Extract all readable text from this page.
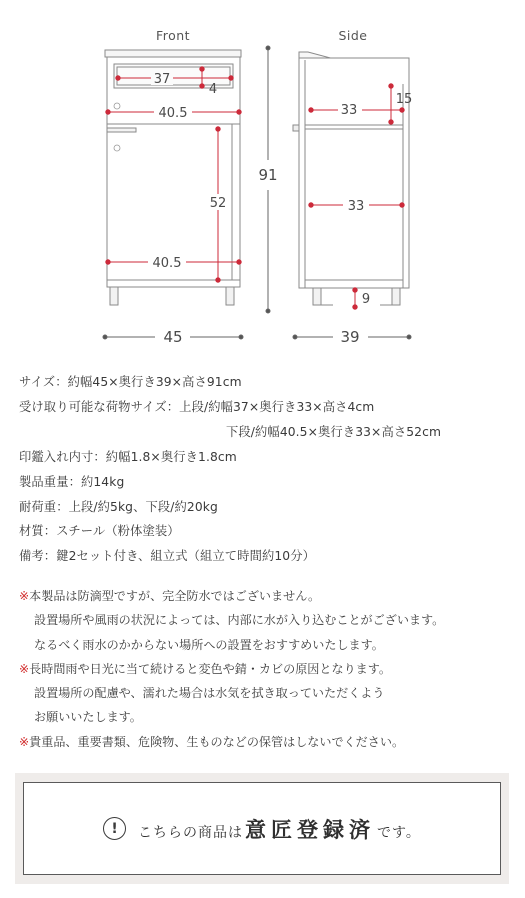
Front
37
4
40.5
52
40.5
45
91
Side
33
15
33
9
39
サイズ：約幅45×奥行き39×高さ91cm
受け取り可能な荷物サイズ：上段/約幅37×奥行き33×高さ4cm
下段/約幅40.5×奥行き33×高さ52cm
印鑑入れ内寸：約幅1.8×奥行き1.8cm
製品重量：約14kg
耐荷重：上段/約5kg、下段/約20kg
材質：スチール（粉体塗装）
備考：鍵2セット付き、組立式（組立て時間約10分）
※本製品は防滴型ですが、完全防水ではございません。
設置場所や風雨の状況によっては、内部に水が入り込むことがございます。
なるべく雨水のかからない場所への設置をおすすめいたします。
※長時間雨や日光に当て続けると変色や錆・カビの原因となります。
設置場所の配慮や、濡れた場合は水気を拭き取っていただくよう
お願いいたします。
※貴重品、重要書類、危険物、生ものなどの保管はしないでください。
!	こちらの商品は意匠登録済 です。
